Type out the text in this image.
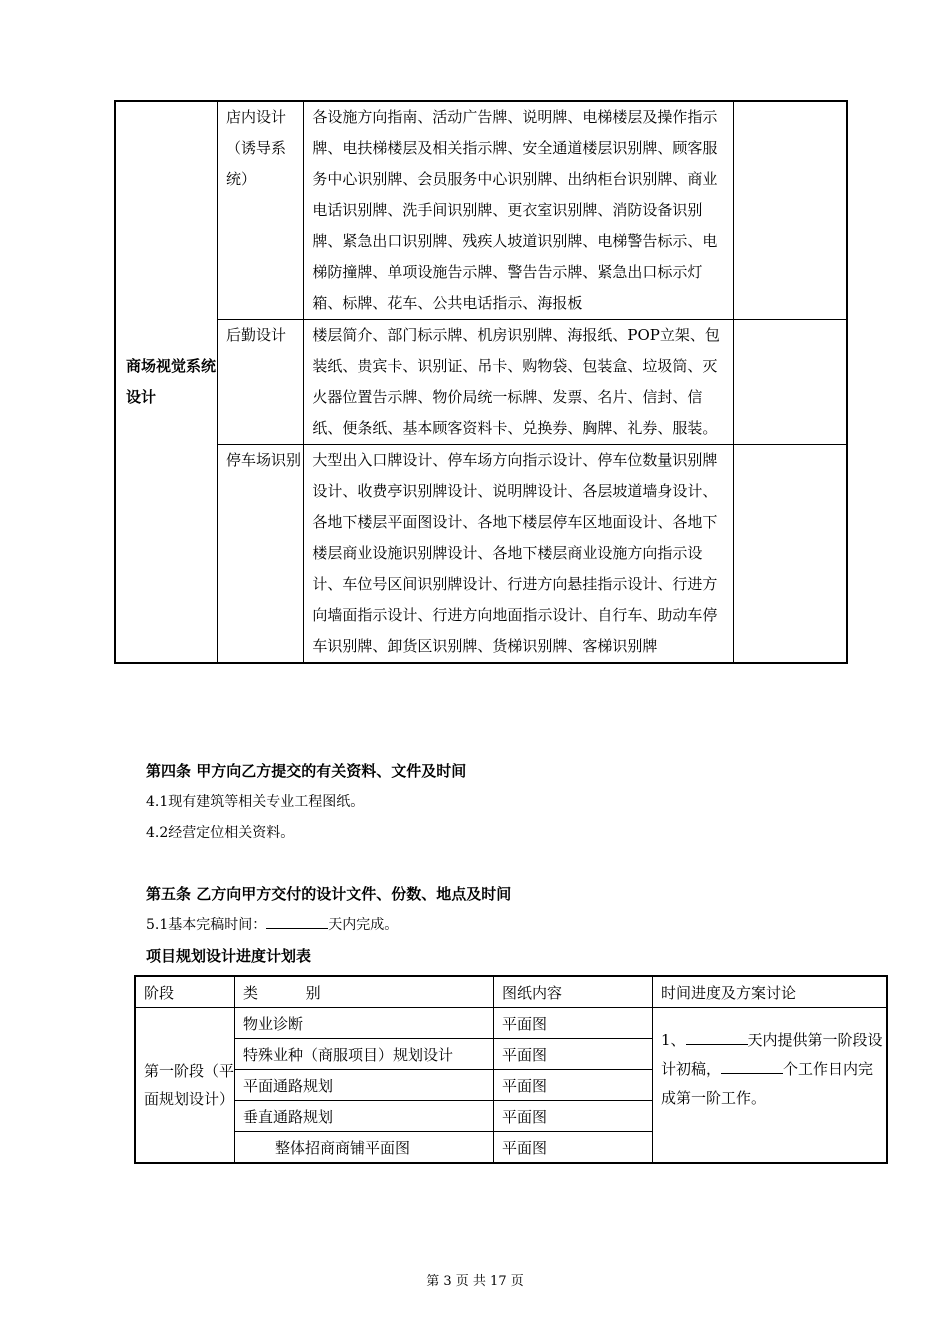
商场视觉系统设计	店内设计（诱导系统）	各设施方向指南、活动广告牌、说明牌、电梯楼层及操作指示牌、电扶梯楼层及相关指示牌、安全通道楼层识别牌、顾客服务中心识别牌、会员服务中心识别牌、出纳柜台识别牌、商业电话识别牌、洗手间识别牌、更衣室识别牌、消防设备识别牌、紧急出口识别牌、残疾人坡道识别牌、电梯警告标示、电梯防撞牌、单项设施告示牌、警告告示牌、紧急出口标示灯箱、标牌、花车、公共电话指示、海报板	
	后勤设计	楼层简介、部门标示牌、机房识别牌、海报纸、POP立架、包装纸、贵宾卡、识别证、吊卡、购物袋、包装盒、垃圾筒、灭火器位置告示牌、物价局统一标牌、发票、名片、信封、信纸、便条纸、基本顾客资料卡、兑换券、胸牌、礼券、服装。	
	停车场识别	大型出入口牌设计、停车场方向指示设计、停车位数量识别牌设计、收费亭识别牌设计、说明牌设计、各层坡道墙身设计、各地下楼层平面图设计、各地下楼层停车区地面设计、各地下楼层商业设施识别牌设计、各地下楼层商业设施方向指示设计、车位号区间识别牌设计、行进方向悬挂指示设计、行进方向墙面指示设计、行进方向地面指示设计、自行车、助动车停车识别牌、卸货区识别牌、货梯识别牌、客梯识别牌	
第四条 甲方向乙方提交的有关资料、文件及时间
4.1现有建筑等相关专业工程图纸。
4.2经营定位相关资料。
第五条 乙方向甲方交付的设计文件、份数、地点及时间
5.1基本完稿时间：	天内完成。
项目规划设计进度计划表
阶段	类          别	图纸内容	时间进度及方案讨论
第一阶段（平面规划设计）	物业诊断	平面图	1、 天内提供第一阶段设计初稿， 个工作日内完成第一阶工作。
	特殊业种（商服项目）规划设计	平面图	
	平面通路规划	平面图	
	垂直通路规划	平面图	
	整体招商商铺平面图	平面图	
第 3 页 共 17 页
